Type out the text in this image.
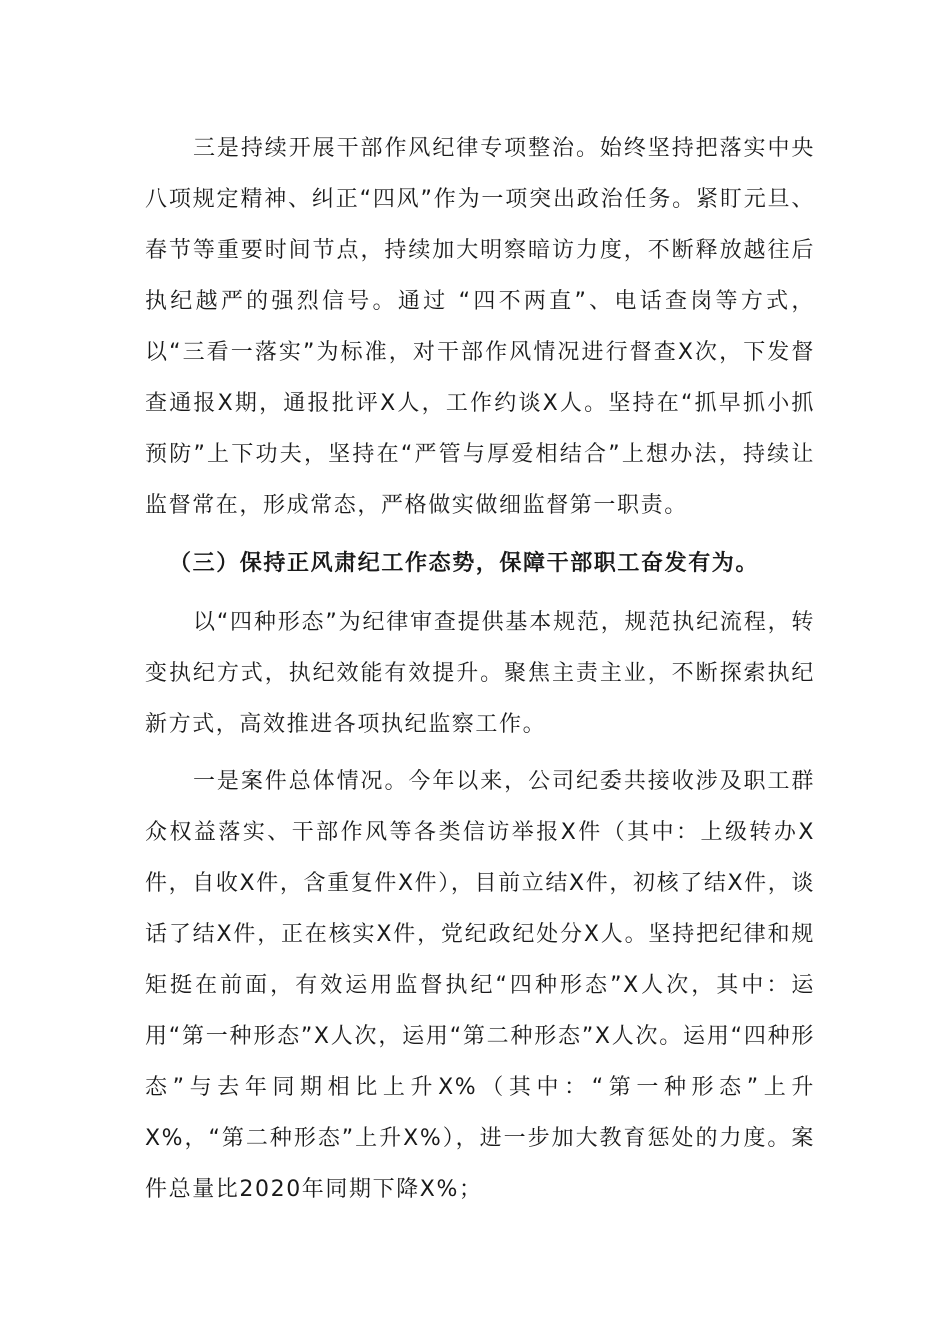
三是持续开展干部作风纪律专项整治。始终坚持把落实中央八项规定精神、纠正“四风”作为一项突出政治任务。紧盯元旦、春节等重要时间节点，持续加大明察暗访力度，不断释放越往后执纪越严的强烈信号。通过 “四不两直”、电话查岗等方式，以“三看一落实”为标准，对干部作风情况进行督查X次，下发督查通报X期，通报批评X人，工作约谈X人。坚持在“抓早抓小抓预防”上下功夫，坚持在“严管与厚爱相结合”上想办法，持续让监督常在，形成常态，严格做实做细监督第一职责。

（三）保持正风肃纪工作态势，保障干部职工奋发有为。

以“四种形态”为纪律审查提供基本规范，规范执纪流程，转变执纪方式，执纪效能有效提升。聚焦主责主业，不断探索执纪新方式，高效推进各项执纪监察工作。

一是案件总体情况。今年以来，公司纪委共接收涉及职工群众权益落实、干部作风等各类信访举报X件（其中：上级转办X件，自收X件，含重复件X件），目前立结X件，初核了结X件，谈话了结X件，正在核实X件，党纪政纪处分X人。坚持把纪律和规矩挺在前面，有效运用监督执纪“四种形态”X人次，其中：运用“第一种形态”X人次，运用“第二种形态”X人次。运用“四种形态”与去年同期相比上升X%（其中：“第一种形态”上升X%，“第二种形态”上升X%），进一步加大教育惩处的力度。案件总量比2020年同期下降X%；
